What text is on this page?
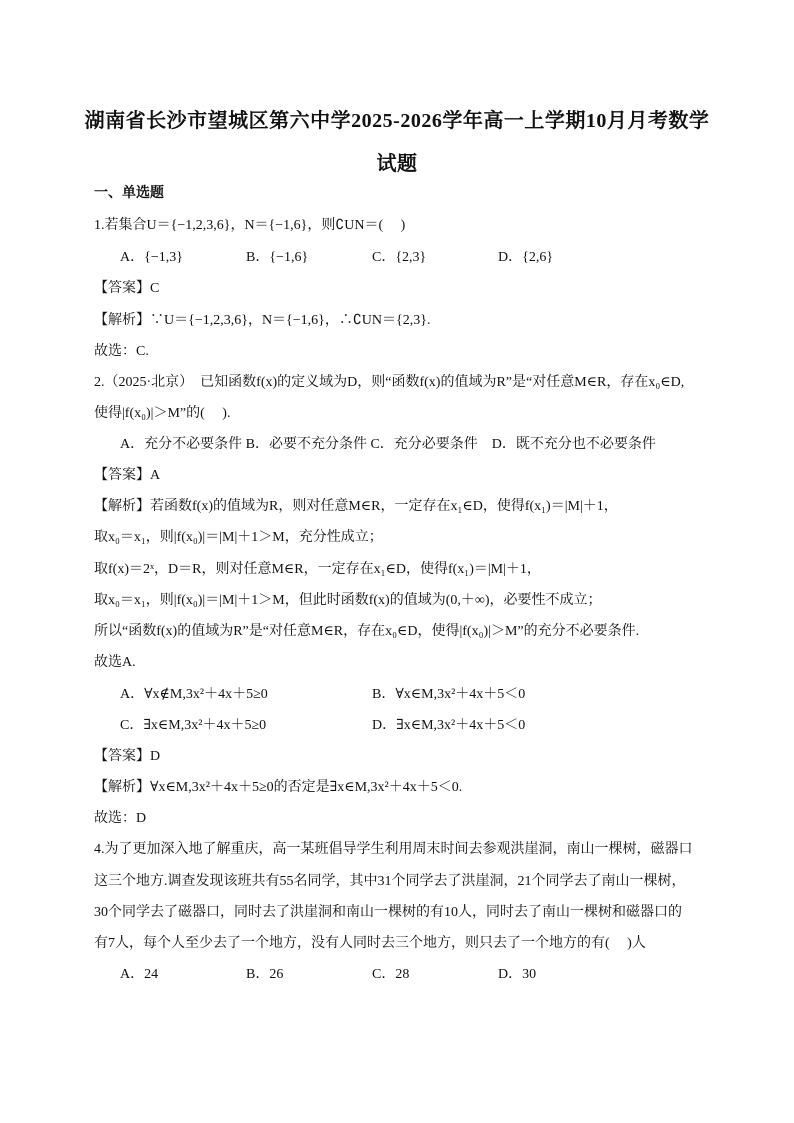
湖南省长沙市望城区第六中学2025-2026学年高一上学期10月月考数学
试题
一、单选题
1.若集合U＝{−1,2,3,6}，N＝{−1,6}，则∁UN＝(　 )
A．{−1,3}	B．{−1,6}	C．{2,3}	D．{2,6}
【答案】C
【解析】∵U＝{−1,2,3,6}，N＝{−1,6}，∴∁UN＝{2,3}.
故选：C.
2.（2025·北京）　已知函数f(x)的定义域为D，则“函数f(x)的值域为R”是“对任意M∈R，存在x₀∈D,
使得|f(x₀)|＞M”的(　 ).
A．充分不必要条件 B．必要不充分条件 C．充分必要条件　D．既不充分也不必要条件
【答案】A
【解析】若函数f(x)的值域为R，则对任意M∈R，一定存在x₁∈D，使得f(x₁)＝|M|＋1，
取x₀＝x₁，则|f(x₀)|＝|M|＋1＞M，充分性成立；
取f(x)＝2ˣ，D＝R，则对任意M∈R，一定存在x₁∈D，使得f(x₁)＝|M|＋1，
取x₀＝x₁，则|f(x₀)|＝|M|＋1＞M，但此时函数f(x)的值域为(0,＋∞)，必要性不成立；
所以“函数f(x)的值域为R”是“对任意M∈R，存在x₀∈D，使得|f(x₀)|＞M”的充分不必要条件.
故选A.
A．∀x∉M,3x²＋4x＋5≥0	B．∀x∈M,3x²＋4x＋5＜0
C．∃x∈M,3x²＋4x＋5≥0	D．∃x∈M,3x²＋4x＋5＜0
【答案】D
【解析】∀x∈M,3x²＋4x＋5≥0的否定是∃x∈M,3x²＋4x＋5＜0.
故选：D
4.为了更加深入地了解重庆，高一某班倡导学生利用周末时间去参观洪崖洞，南山一棵树，磁器口
这三个地方.调查发现该班共有55名同学，其中31个同学去了洪崖洞，21个同学去了南山一棵树，
30个同学去了磁器口，同时去了洪崖洞和南山一棵树的有10人，同时去了南山一棵树和磁器口的
有7人，每个人至少去了一个地方，没有人同时去三个地方，则只去了一个地方的有(　 )人
A．24	B．26	C．28	D．30
